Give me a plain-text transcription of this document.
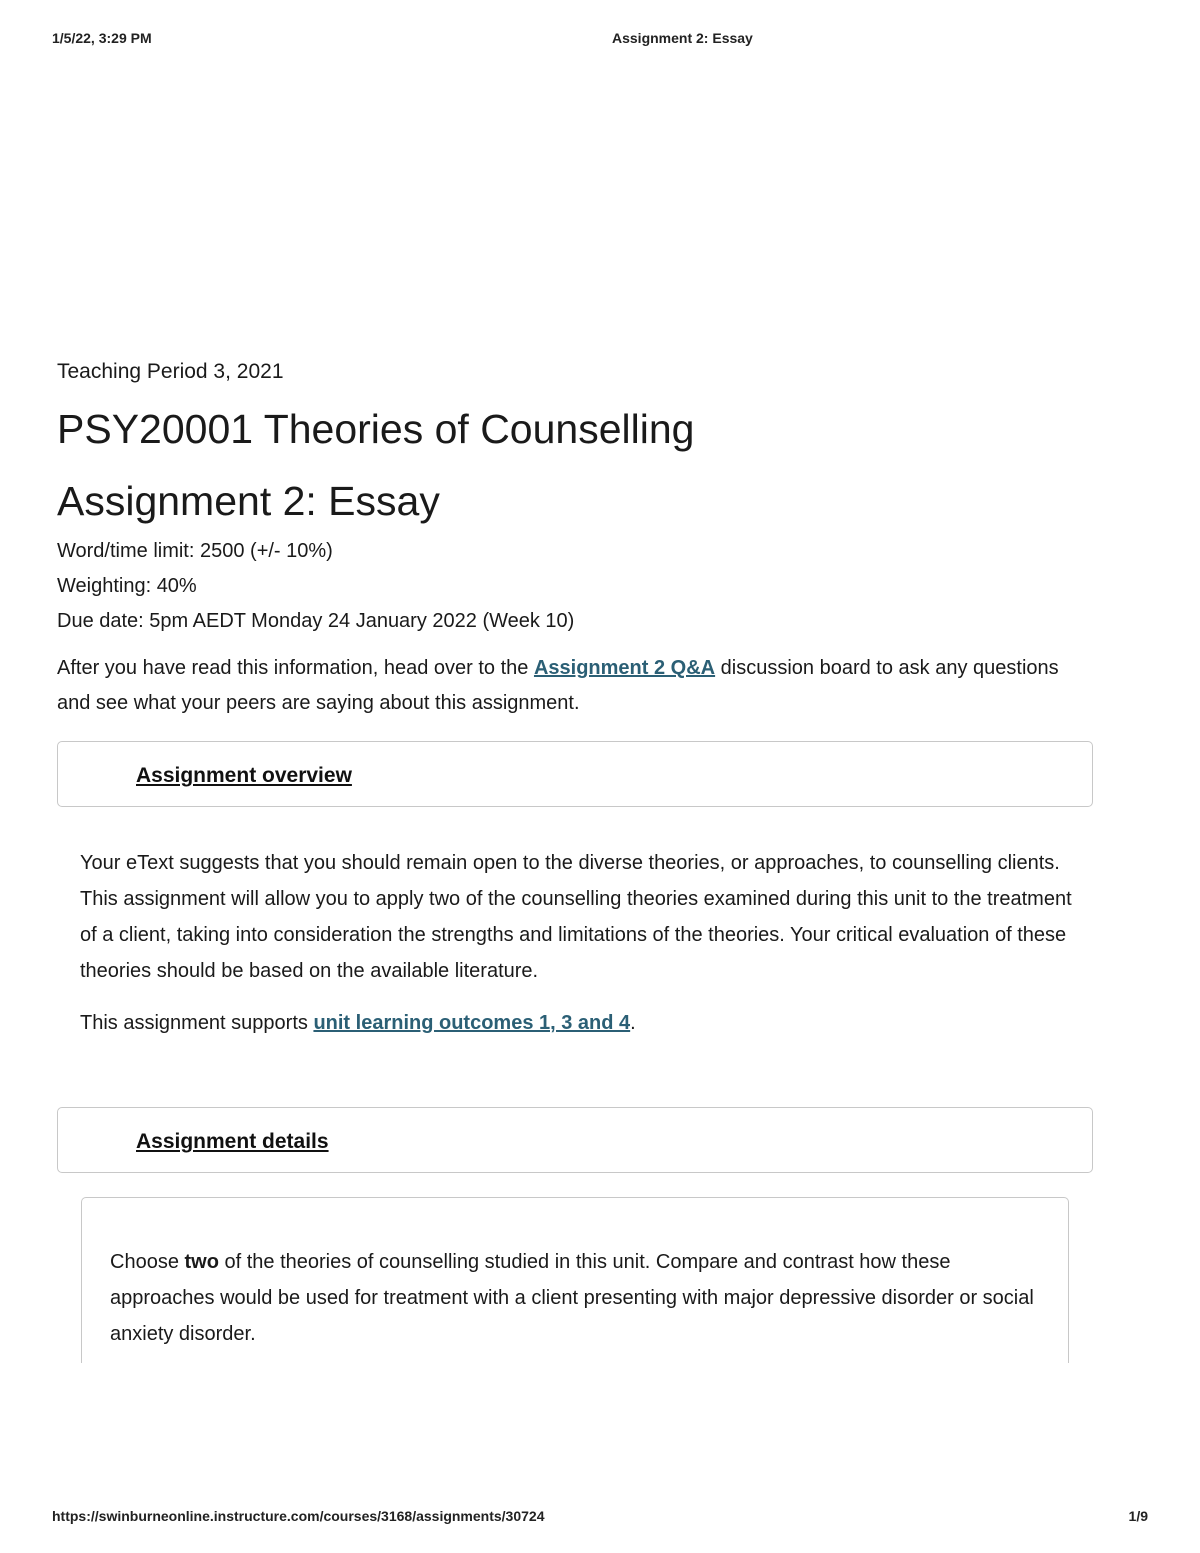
1/5/22, 3:29 PM	Assignment 2: Essay
Teaching Period 3, 2021
PSY20001 Theories of Counselling
Assignment 2: Essay
Word/time limit: 2500 (+/- 10%)
Weighting: 40%
Due date: 5pm AEDT Monday 24 January 2022 (Week 10)

After you have read this information, head over to the Assignment 2 Q&A discussion board to ask any questions and see what your peers are saying about this assignment.

Assignment overview

Your eText suggests that you should remain open to the diverse theories, or approaches, to counselling clients. This assignment will allow you to apply two of the counselling theories examined during this unit to the treatment of a client, taking into consideration the strengths and limitations of the theories. Your critical evaluation of these theories should be based on the available literature.

This assignment supports unit learning outcomes 1, 3 and 4.

Assignment details

Choose two of the theories of counselling studied in this unit. Compare and contrast how these approaches would be used for treatment with a client presenting with major depressive disorder or social anxiety disorder.

https://swinburneonline.instructure.com/courses/3168/assignments/30724	1/9
